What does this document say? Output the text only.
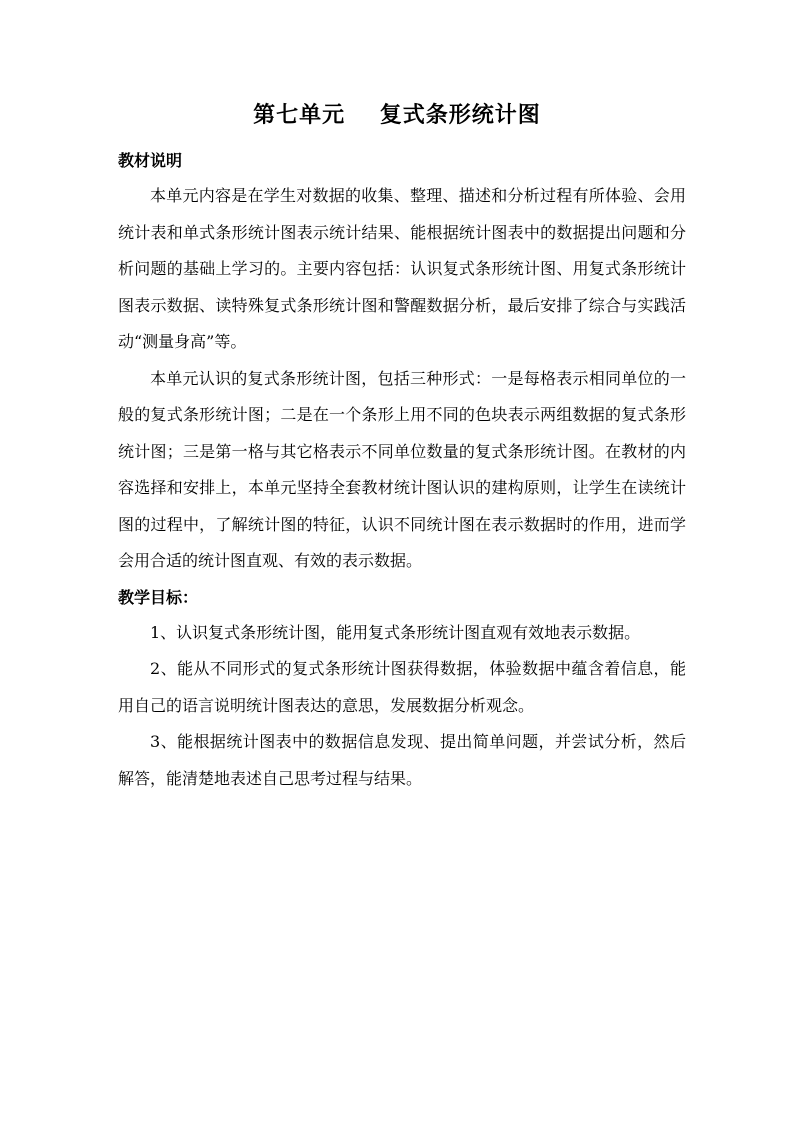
第七单元    复式条形统计图
教材说明

本单元内容是在学生对数据的收集、整理、描述和分析过程有所体验、会用统计表和单式条形统计图表示统计结果、能根据统计图表中的数据提出问题和分析问题的基础上学习的。主要内容包括：认识复式条形统计图、用复式条形统计图表示数据、读特殊复式条形统计图和警醒数据分析，最后安排了综合与实践活动“测量身高”等。

本单元认识的复式条形统计图，包括三种形式：一是每格表示相同单位的一般的复式条形统计图；二是在一个条形上用不同的色块表示两组数据的复式条形统计图；三是第一格与其它格表示不同单位数量的复式条形统计图。在教材的内容选择和安排上，本单元坚持全套教材统计图认识的建构原则，让学生在读统计图的过程中，了解统计图的特征，认识不同统计图在表示数据时的作用，进而学会用合适的统计图直观、有效的表示数据。

教学目标：

1、认识复式条形统计图，能用复式条形统计图直观有效地表示数据。

2、能从不同形式的复式条形统计图获得数据，体验数据中蕴含着信息，能用自己的语言说明统计图表达的意思，发展数据分析观念。

3、能根据统计图表中的数据信息发现、提出简单问题，并尝试分析，然后解答，能清楚地表述自己思考过程与结果。
